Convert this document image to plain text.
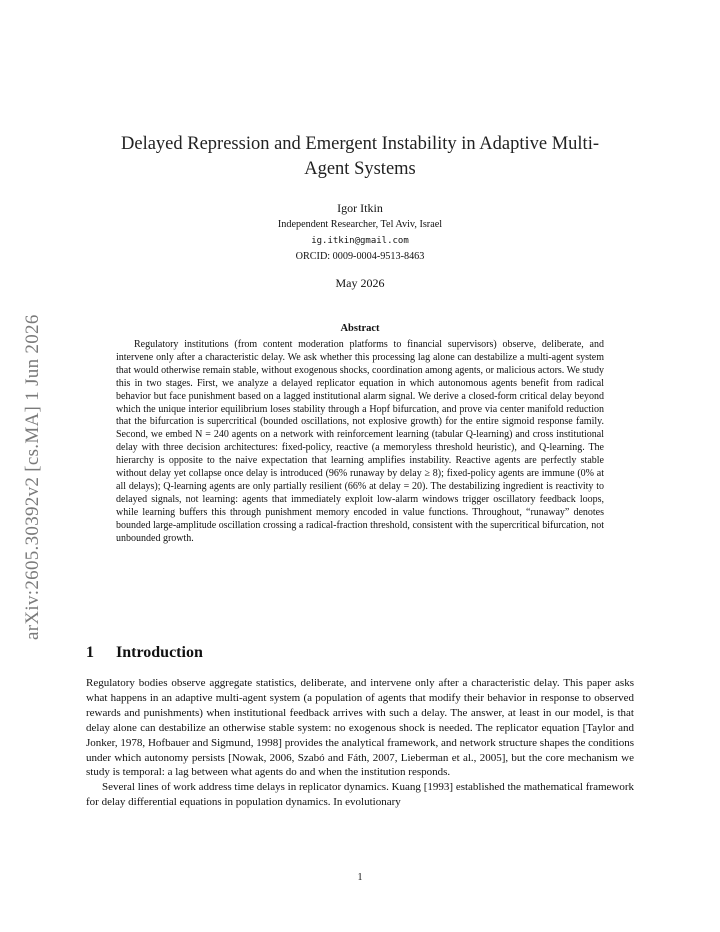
arXiv:2605.30392v2 [cs.MA] 1 Jun 2026
Delayed Repression and Emergent Instability in Adaptive Multi-Agent Systems
Igor Itkin
Independent Researcher, Tel Aviv, Israel
ig.itkin@gmail.com
ORCID: 0009-0004-9513-8463
May 2026
Abstract

Regulatory institutions (from content moderation platforms to financial supervisors) observe, deliberate, and intervene only after a characteristic delay. We ask whether this processing lag alone can destabilize a multi-agent system that would otherwise remain stable, without exogenous shocks, coordination among agents, or malicious actors. We study this in two stages. First, we analyze a delayed replicator equation in which autonomous agents benefit from radical behavior but face punishment based on a lagged institutional alarm signal. We derive a closed-form critical delay beyond which the unique interior equilibrium loses stability through a Hopf bifurcation, and prove via center manifold reduction that the bifurcation is supercritical (bounded oscillations, not explosive growth) for the entire sigmoid response family. Second, we embed N = 240 agents on a network with reinforcement learning (tabular Q-learning) and cross institutional delay with three decision architectures: fixed-policy, reactive (a memoryless threshold heuristic), and Q-learning. The hierarchy is opposite to the naive expectation that learning amplifies instability. Reactive agents are perfectly stable without delay yet collapse once delay is introduced (96% runaway by delay ≥ 8); fixed-policy agents are immune (0% at all delays); Q-learning agents are only partially resilient (66% at delay = 20). The destabilizing ingredient is reactivity to delayed signals, not learning: agents that immediately exploit low-alarm windows trigger oscillatory feedback loops, while learning buffers this through punishment memory encoded in value functions. Throughout, “runaway” denotes bounded large-amplitude oscillation crossing a radical-fraction threshold, consistent with the supercritical bifurcation, not unbounded growth.

1 Introduction

Regulatory bodies observe aggregate statistics, deliberate, and intervene only after a characteristic delay. This paper asks what happens in an adaptive multi-agent system (a population of agents that modify their behavior in response to observed rewards and punishments) when institutional feedback arrives with such a delay. The answer, at least in our model, is that delay alone can destabilize an otherwise stable system: no exogenous shock is needed. The replicator equation [Taylor and Jonker, 1978, Hofbauer and Sigmund, 1998] provides the analytical framework, and network structure shapes the conditions under which autonomy persists [Nowak, 2006, Szabó and Fáth, 2007, Lieberman et al., 2005], but the core mechanism we study is temporal: a lag between what agents do and when the institution responds.

Several lines of work address time delays in replicator dynamics. Kuang [1993] established the mathematical framework for delay differential equations in population dynamics. In evolutionary

1
